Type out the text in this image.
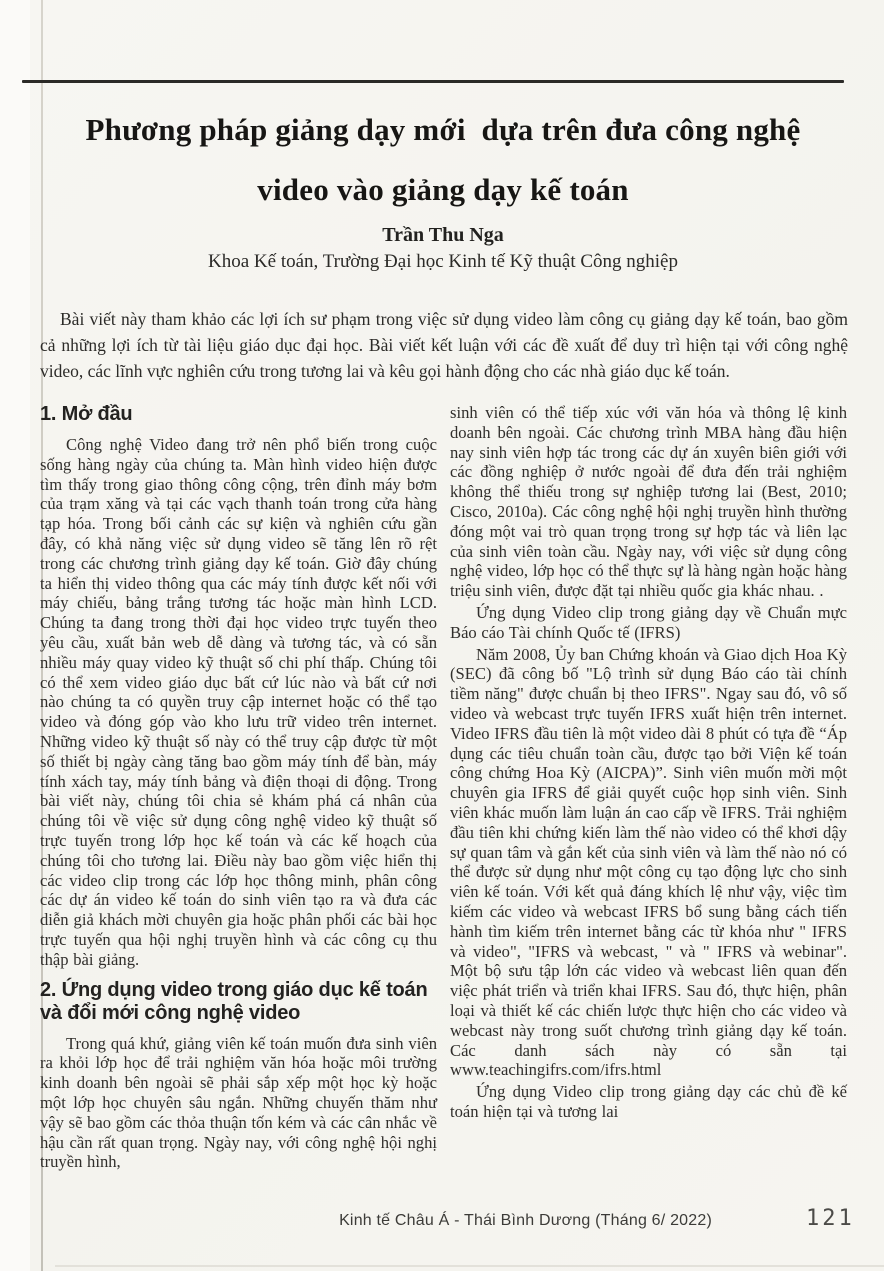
Phương pháp giảng dạy mới  dựa trên đưa công nghệ
video vào giảng dạy kế toán
Trần Thu Nga
Khoa Kế toán, Trường Đại học Kinh tế Kỹ thuật Công nghiệp
Bài viết này tham khảo các lợi ích sư phạm trong việc sử dụng video làm công cụ giảng dạy kế toán, bao gồm cả những lợi ích từ tài liệu giáo dục đại học. Bài viết kết luận với các đề xuất để duy trì hiện tại với công nghệ video, các lĩnh vực nghiên cứu trong tương lai và kêu gọi hành động cho các nhà giáo dục kế toán.
1. Mở đầu

Công nghệ Video đang trở nên phổ biến trong cuộc sống hàng ngày của chúng ta. Màn hình video hiện được tìm thấy trong giao thông công cộng, trên đỉnh máy bơm của trạm xăng và tại các vạch thanh toán trong cửa hàng tạp hóa. Trong bối cảnh các sự kiện và nghiên cứu gần đây, có khả năng việc sử dụng video sẽ tăng lên rõ rệt trong các chương trình giảng dạy kế toán. Giờ đây chúng ta hiển thị video thông qua các máy tính được kết nối với máy chiếu, bảng trắng tương tác hoặc màn hình LCD. Chúng ta đang trong thời đại học video trực tuyến theo yêu cầu, xuất bản web dễ dàng và tương tác, và có sẵn nhiều máy quay video kỹ thuật số chi phí thấp. Chúng tôi có thể xem video giáo dục bất cứ lúc nào và bất cứ nơi nào chúng ta có quyền truy cập internet hoặc có thể tạo video và đóng góp vào kho lưu trữ video trên internet. Những video kỹ thuật số này có thể truy cập được từ một số thiết bị ngày càng tăng bao gồm máy tính để bàn, máy tính xách tay, máy tính bảng và điện thoại di động. Trong bài viết này, chúng tôi chia sẻ khám phá cá nhân của chúng tôi về việc sử dụng công nghệ video kỹ thuật số trực tuyến trong lớp học kế toán và các kế hoạch của chúng tôi cho tương lai. Điều này bao gồm việc hiển thị các video clip trong các lớp học thông minh, phân công các dự án video kế toán do sinh viên tạo ra và đưa các diễn giả khách mời chuyên gia hoặc phân phối các bài học trực tuyến qua hội nghị truyền hình và các công cụ thu thập bài giảng.

2. Ứng dụng video trong giáo dục kế toán và đổi mới công nghệ video

Trong quá khứ, giảng viên kế toán muốn đưa sinh viên ra khỏi lớp học để trải nghiệm văn hóa hoặc môi trường kinh doanh bên ngoài sẽ phải sắp xếp một học kỳ hoặc một lớp học chuyên sâu ngắn. Những chuyến thăm như vậy sẽ bao gồm các thỏa thuận tốn kém và các cân nhắc về hậu cần rất quan trọng. Ngày nay, với công nghệ hội nghị truyền hình,

sinh viên có thể tiếp xúc với văn hóa và thông lệ kinh doanh bên ngoài. Các chương trình MBA hàng đầu hiện nay sinh viên hợp tác trong các dự án xuyên biên giới với các đồng nghiệp ở nước ngoài để đưa đến trải nghiệm không thể thiếu trong sự nghiệp tương lai (Best, 2010; Cisco, 2010a). Các công nghệ hội nghị truyền hình thường đóng một vai trò quan trọng trong sự hợp tác và liên lạc của sinh viên toàn cầu. Ngày nay, với việc sử dụng công nghệ video, lớp học có thể thực sự là hàng ngàn hoặc hàng triệu sinh viên, được đặt tại nhiều quốc gia khác nhau. .

Ứng dụng Video clip trong giảng dạy về Chuẩn mực Báo cáo Tài chính Quốc tế (IFRS)

Năm 2008, Ủy ban Chứng khoán và Giao dịch Hoa Kỳ (SEC) đã công bố "Lộ trình sử dụng Báo cáo tài chính tiềm năng" được chuẩn bị theo IFRS". Ngay sau đó, vô số video và webcast trực tuyến IFRS xuất hiện trên internet. Video IFRS đầu tiên là một video dài 8 phút có tựa đề “Áp dụng các tiêu chuẩn toàn cầu, được tạo bởi Viện kế toán công chứng Hoa Kỳ (AICPA)”. Sinh viên muốn mời một chuyên gia IFRS để giải quyết cuộc họp sinh viên. Sinh viên khác muốn làm luận án cao cấp về IFRS. Trải nghiệm đầu tiên khi chứng kiến làm thế nào video có thể khơi dậy sự quan tâm và gắn kết của sinh viên và làm thế nào nó có thể được sử dụng như một công cụ tạo động lực cho sinh viên kế toán. Với kết quả đáng khích lệ như vậy, việc tìm kiếm các video và webcast IFRS bổ sung bằng cách tiến hành tìm kiếm trên internet bằng các từ khóa như " IFRS và video", "IFRS và webcast, " và " IFRS và webinar". Một bộ sưu tập lớn các video và webcast liên quan đến việc phát triển và triển khai IFRS. Sau đó, thực hiện, phân loại và thiết kế các chiến lược thực hiện cho các video và webcast này trong suốt chương trình giảng dạy kế toán. Các danh sách này có sẵn tại www.teachingifrs.com/ifrs.html

Ứng dụng Video clip trong giảng dạy các chủ đề kế toán hiện tại và tương lai

Kinh tế Châu Á - Thái Bình Dương (Tháng 6/ 2022)	121
